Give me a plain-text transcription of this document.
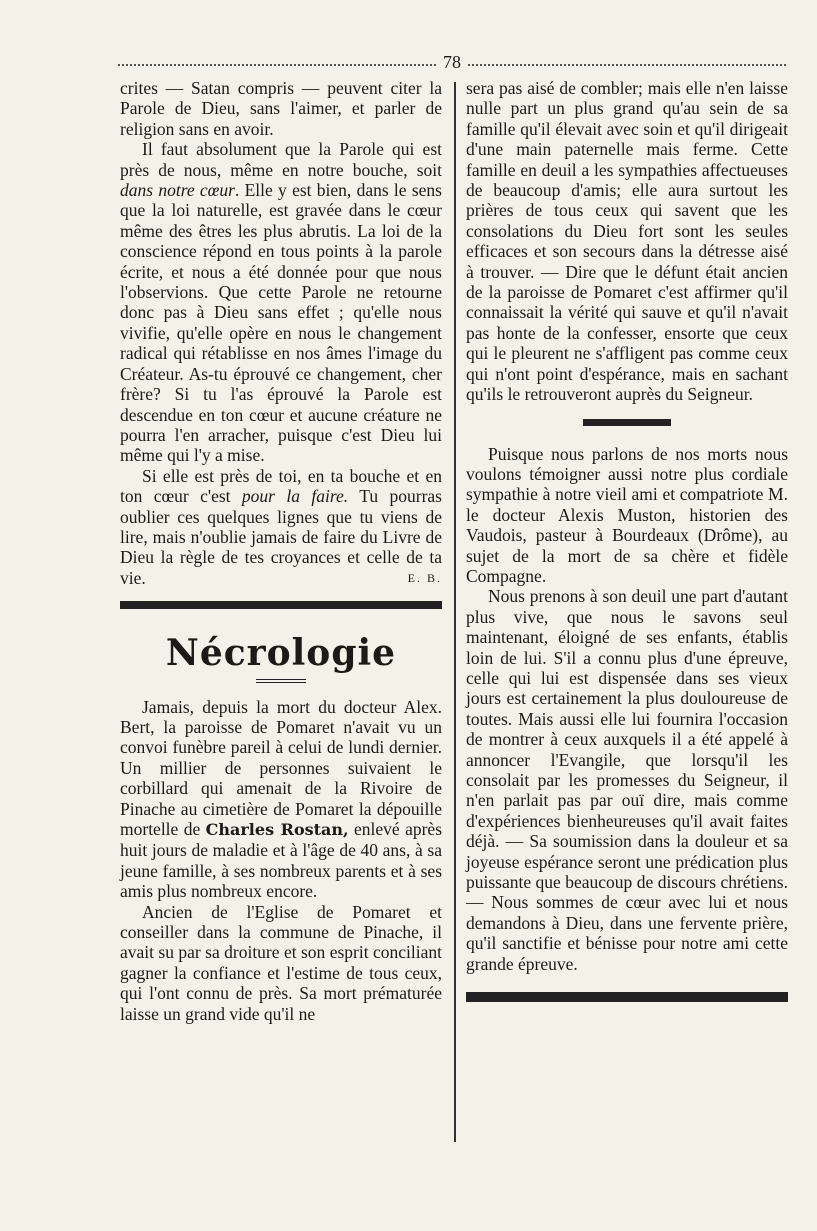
78

crites — Satan compris — peuvent citer la Parole de Dieu, sans l'aimer, et parler de religion sans en avoir.

Il faut absolument que la Parole qui est près de nous, même en notre bouche, soit dans notre cœur. Elle y est bien, dans le sens que la loi naturelle, est gravée dans le cœur même des êtres les plus abrutis. La loi de la conscience répond en tous points à la parole écrite, et nous a été donnée pour que nous l'observions. Que cette Parole ne retourne donc pas à Dieu sans effet ; qu'elle nous vivifie, qu'elle opère en nous le changement radical qui rétablisse en nos âmes l'image du Créateur. As-tu éprouvé ce changement, cher frère? Si tu l'as éprouvé la Parole est descendue en ton cœur et aucune créature ne pourra l'en arracher, puisque c'est Dieu lui même qui l'y a mise.

Si elle est près de toi, en ta bouche et en ton cœur c'est pour la faire. Tu pourras oublier ces quelques lignes que tu viens de lire, mais n'oublie jamais de faire du Livre de Dieu la règle de tes croyances et celle de ta vie.	E. B.
Nécrologie

Jamais, depuis la mort du docteur Alex. Bert, la paroisse de Pomaret n'avait vu un convoi funèbre pareil à celui de lundi dernier. Un millier de personnes suivaient le corbillard qui amenait de la Rivoire de Pinache au cimetière de Pomaret la dépouille mortelle de Charles Rostan, enlevé après huit jours de maladie et à l'âge de 40 ans, à sa jeune famille, à ses nombreux parents et à ses amis plus nombreux encore.

Ancien de l'Eglise de Pomaret et conseiller dans la commune de Pinache, il avait su par sa droiture et son esprit conciliant gagner la confiance et l'estime de tous ceux, qui l'ont connu de près. Sa mort prématurée laisse un grand vide qu'il ne

sera pas aisé de combler; mais elle n'en laisse nulle part un plus grand qu'au sein de sa famille qu'il élevait avec soin et qu'il dirigeait d'une main paternelle mais ferme. Cette famille en deuil a les sympathies affectueuses de beaucoup d'amis; elle aura surtout les prières de tous ceux qui savent que les consolations du Dieu fort sont les seules efficaces et son secours dans la détresse aisé à trouver. — Dire que le défunt était ancien de la paroisse de Pomaret c'est affirmer qu'il connaissait la vérité qui sauve et qu'il n'avait pas honte de la confesser, ensorte que ceux qui le pleurent ne s'affligent pas comme ceux qui n'ont point d'espérance, mais en sachant qu'ils le retrouveront auprès du Seigneur.

Puisque nous parlons de nos morts nous voulons témoigner aussi notre plus cordiale sympathie à notre vieil ami et compatriote M. le docteur Alexis Muston, historien des Vaudois, pasteur à Bourdeaux (Drôme), au sujet de la mort de sa chère et fidèle Compagne.

Nous prenons à son deuil une part d'autant plus vive, que nous le savons seul maintenant, éloigné de ses enfants, établis loin de lui. S'il a connu plus d'une épreuve, celle qui lui est dispensée dans ses vieux jours est certainement la plus douloureuse de toutes. Mais aussi elle lui fournira l'occasion de montrer à ceux auxquels il a été appelé à annoncer l'Evangile, que lorsqu'il les consolait par les promesses du Seigneur, il n'en parlait pas par ouï dire, mais comme d'expériences bienheureuses qu'il avait faites déjà. — Sa soumission dans la douleur et sa joyeuse espérance seront une prédication plus puissante que beaucoup de discours chrétiens. — Nous sommes de cœur avec lui et nous demandons à Dieu, dans une fervente prière, qu'il sanctifie et bénisse pour notre ami cette grande épreuve.
